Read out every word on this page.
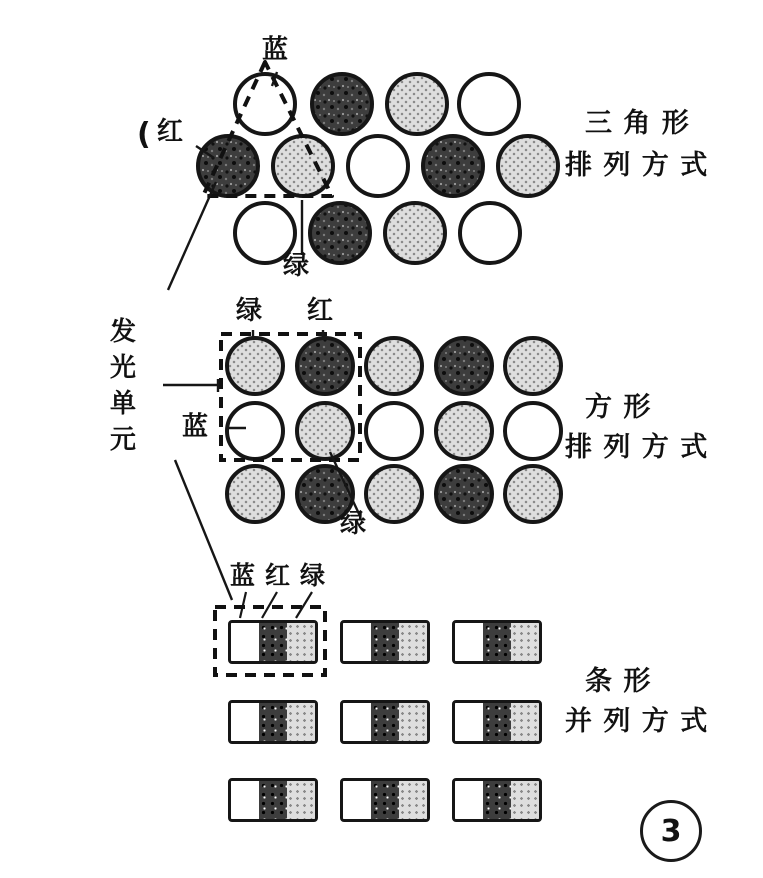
蓝
( 红
绿
三 角 形
排 列 方 式
绿 红
蓝
绿
方 形
排 列 方 式
蓝 红 绿
条 形
并 列 方 式
发
光
单
元
3
